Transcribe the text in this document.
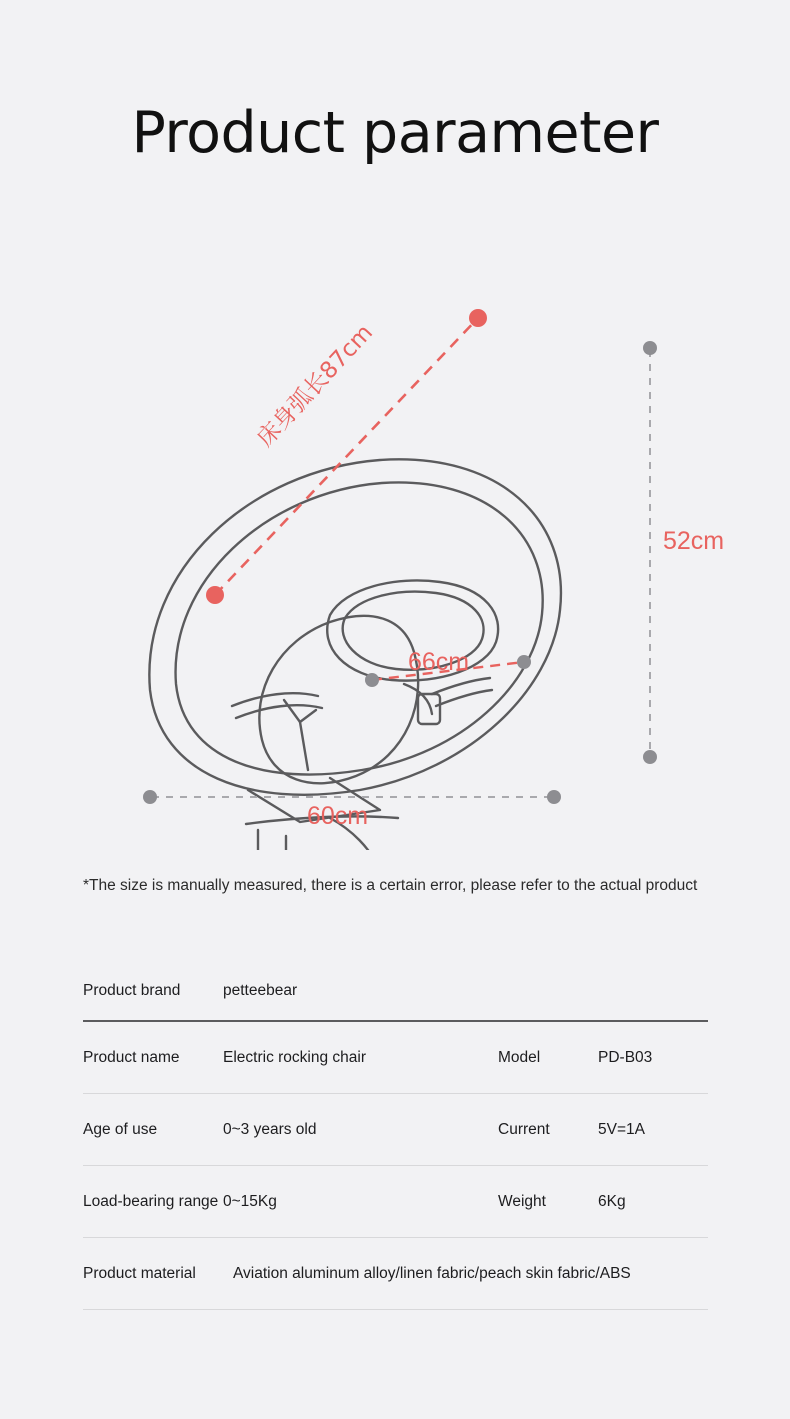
Product parameter
床身弧长87cm
52cm
66cm
60cm
*The size is manually measured, there is a certain error, please refer to the actual product
Product brand	petteebear
Product name	Electric rocking chair	Model	PD-B03
Age of use	0~3 years old	Current	5V=1A
Load-bearing range 0~15Kg	Weight	6Kg
Product material	Aviation aluminum alloy/linen fabric/peach skin fabric/ABS
